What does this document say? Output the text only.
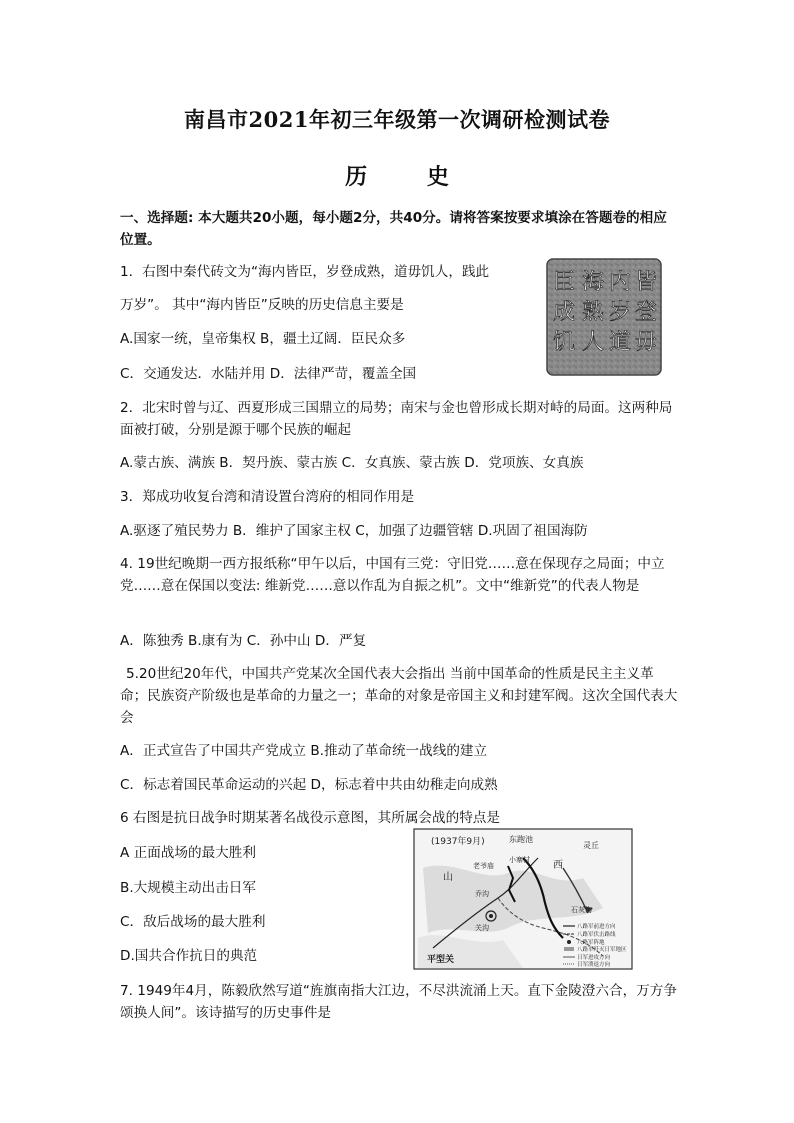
南昌市2021年初三年级第一次调研检测试卷
历 史
一、选择题: 本大题共20小题，每小题2分，共40分。请将答案按要求填涂在答题卷的相应位置。
1．右图中秦代砖文为“海内皆臣，岁登成熟，道毋饥人，践此
万岁”。 其中“海内皆臣”反映的历史信息主要是
A.国家一统，皇帝集权 B，疆土辽阔．臣民众多
C．交通发达．水陆并用 D．法律严苛，覆盖全国
臣 海 内 皆
成 熟 岁 登
饥 人 道 毋
2．北宋时曾与辽、西夏形成三国鼎立的局势；南宋与金也曾形成长期对峙的局面。这两种局面被打破，分别是源于哪个民族的崛起
A.蒙古族、满族 B．契丹族、蒙古族 C．女真族、蒙古族 D．党项族、女真族
3．郑成功收复台湾和清设置台湾府的相同作用是
A.驱逐了殖民势力 B．维护了国家主权 C，加强了边疆管辖 D.巩固了祖国海防
4. 19世纪晚期一西方报纸称“甲午以后，中国有三党：守旧党……意在保现存之局面；中立党……意在保国以变法: 维新党……意以作乱为自振之机”。文中“维新党”的代表人物是
A．陈独秀 B.康有为 C．孙中山 D．严复
5.20世纪20年代，中国共产党某次全国代表大会指出 当前中国革命的性质是民主主义革命；民族资产阶级也是革命的力量之一；革命的对象是帝国主义和封建军阀。这次全国代表大会
A．正式宣告了中国共产党成立 B.推动了革命统一战线的建立
C．标志着国民革命运动的兴起 D，标志着中共由幼稚走向成熟
6 右图是抗日战争时期某著名战役示意图，其所属会战的特点是
A 正面战场的最大胜利
B.大规模主动出击日军
C．敌后战场的最大胜利
D.国共合作抗日的典范
(1937年9月)	东跑池
灵丘
老爷庙
小寨村
乔沟
山
西
关沟
石灰沟
平型关
八路军前进方向
八路军伏击路线
八路军阵地
八路军歼灭日军地区
日军进攻方向
日军溃退方向
7. 1949年4月，陈毅欣然写道“旌旗南指大江边，不尽洪流涌上天。直下金陵澄六合，万方争颂换人间”。该诗描写的历史事件是
